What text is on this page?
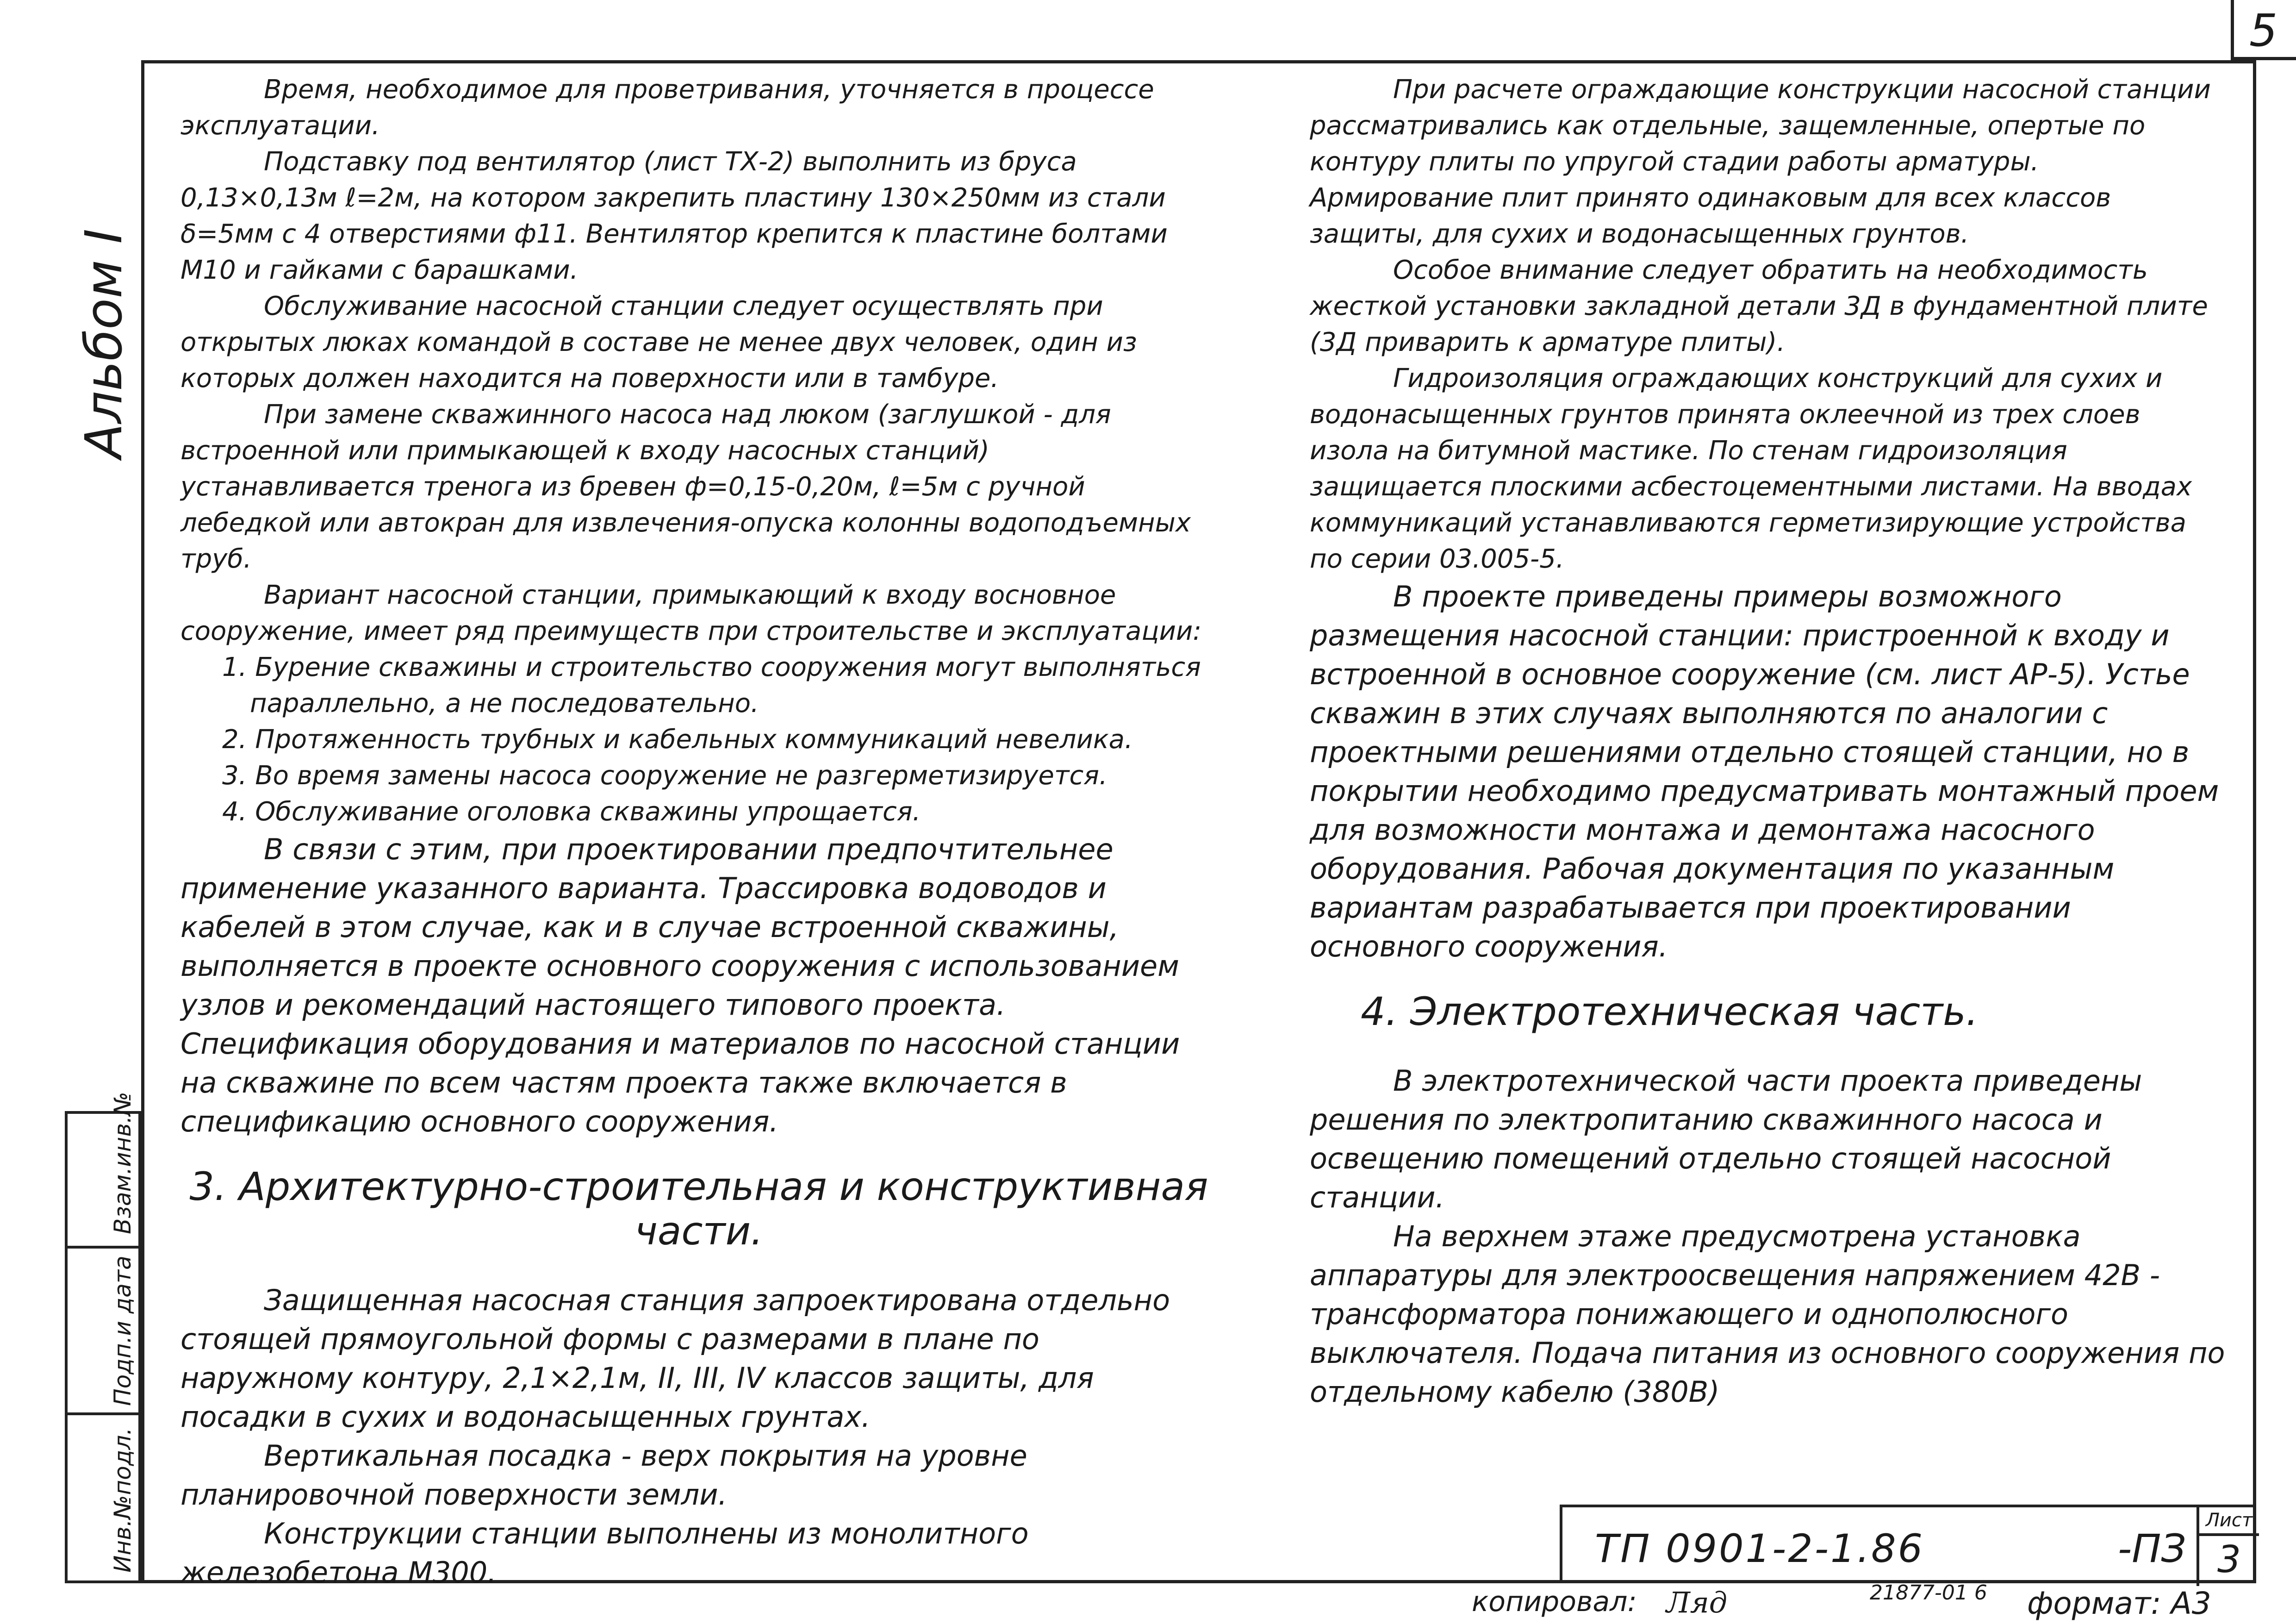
5
Альбом I
Взам.инв.№
Подп.и дата
Инв.№подл.

Время, необходимое для проветривания, уточняется в процессе эксплуатации.

Подставку под вентилятор (лист ТХ-2) выполнить из бруса 0,13×0,13м ℓ=2м, на котором закрепить пластину 130×250мм из стали δ=5мм с 4 отверстиями ф11. Вентилятор крепится к пластине болтами М10 и гайками с барашками.

Обслуживание насосной станции следует осуществлять при открытых люках командой в составе не менее двух человек, один из которых должен находится на поверхности или в тамбуре.

При замене скважинного насоса над люком (заглушкой - для встроенной или примыкающей к входу насосных станций) устанавливается тренога из бревен ф=0,15-0,20м, ℓ=5м с ручной лебедкой или автокран для извлечения-опуска колонны водоподъемных труб.

Вариант насосной станции, примыкающий к входу восновное сооружение, имеет ряд преимуществ при строительстве и эксплуатации:

1. Бурение скважины и строительство сооружения могут выполняться параллельно, а не последовательно.

2. Протяженность трубных и кабельных коммуникаций невелика.

3. Во время замены насоса сооружение не разгерметизируется.

4. Обслуживание оголовка скважины упрощается.

В связи с этим, при проектировании предпочтительнее применение указанного варианта. Трассировка водоводов и кабелей в этом случае, как и в случае встроенной скважины, выполняется в проекте основного сооружения с использованием узлов и рекомендаций настоящего типового проекта. Спецификация оборудования и материалов по насосной станции на скважине по всем частям проекта также включается в спецификацию основного сооружения.

3. Архитектурно-строительная и конструктивная части.

Защищенная насосная станция запроектирована отдельно стоящей прямоугольной формы с размерами в плане по наружному контуру, 2,1×2,1м, II, III, IV классов защиты, для посадки в сухих и водонасыщенных грунтах.

Вертикальная посадка - верх покрытия на уровне планировочной поверхности земли.

Конструкции станции выполнены из монолитного железобетона М300.

При расчете ограждающие конструкции насосной станции рассматривались как отдельные, защемленные, опертые по контуру плиты по упругой стадии работы арматуры. Армирование плит принято одинаковым для всех классов защиты, для сухих и водонасыщенных грунтов.

Особое внимание следует обратить на необходимость жесткой установки закладной детали 3Д в фундаментной плите (3Д приварить к арматуре плиты).

Гидроизоляция ограждающих конструкций для сухих и водонасыщенных грунтов принята оклеечной из трех слоев изола на битумной мастике. По стенам гидроизоляция защищается плоскими асбестоцементными листами. На вводах коммуникаций устанавливаются герметизирующие устройства по серии 03.005-5.

В проекте приведены примеры возможного размещения насосной станции: пристроенной к входу и встроенной в основное сооружение (см. лист АР-5). Устье скважин в этих случаях выполняются по аналогии с проектными решениями отдельно стоящей станции, но в покрытии необходимо предусматривать монтажный проем для возможности монтажа и демонтажа насосного оборудования. Рабочая документация по указанным вариантам разрабатывается при проектировании основного сооружения.

4. Электротехническая часть.

В электротехнической части проекта приведены решения по электропитанию скважинного насоса и освещению помещений отдельно стоящей насосной станции.

На верхнем этаже предусмотрена установка аппаратуры для электроосвещения напряжением 42В - трансформатора понижающего и однополюсного выключателя. Подача питания из основного сооружения по отдельному кабелю (380В)

ТП 0901-2-1.86	-ПЗ
Лист
3
копировал: Ляд	21877-01 6 формат: А3
